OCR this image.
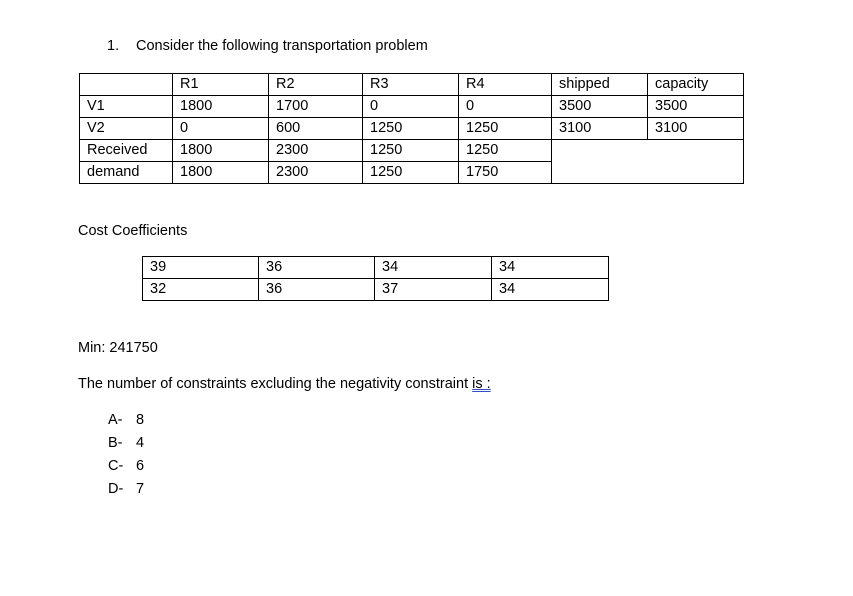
1. Consider the following transportation problem
	R1	R2	R3	R4	shipped	capacity
V1	1800	1700	0	0	3500	3500
V2	0	600	1250	1250	3100	3100
Received	1800	2300	1250	1250		
demand	1800	2300	1250	1750		
Cost Coefficients
39	36	34	34
32	36	37	34
Min: 241750
The number of constraints excluding the negativity constraint is :
A- 8
B- 4
C- 6
D- 7
